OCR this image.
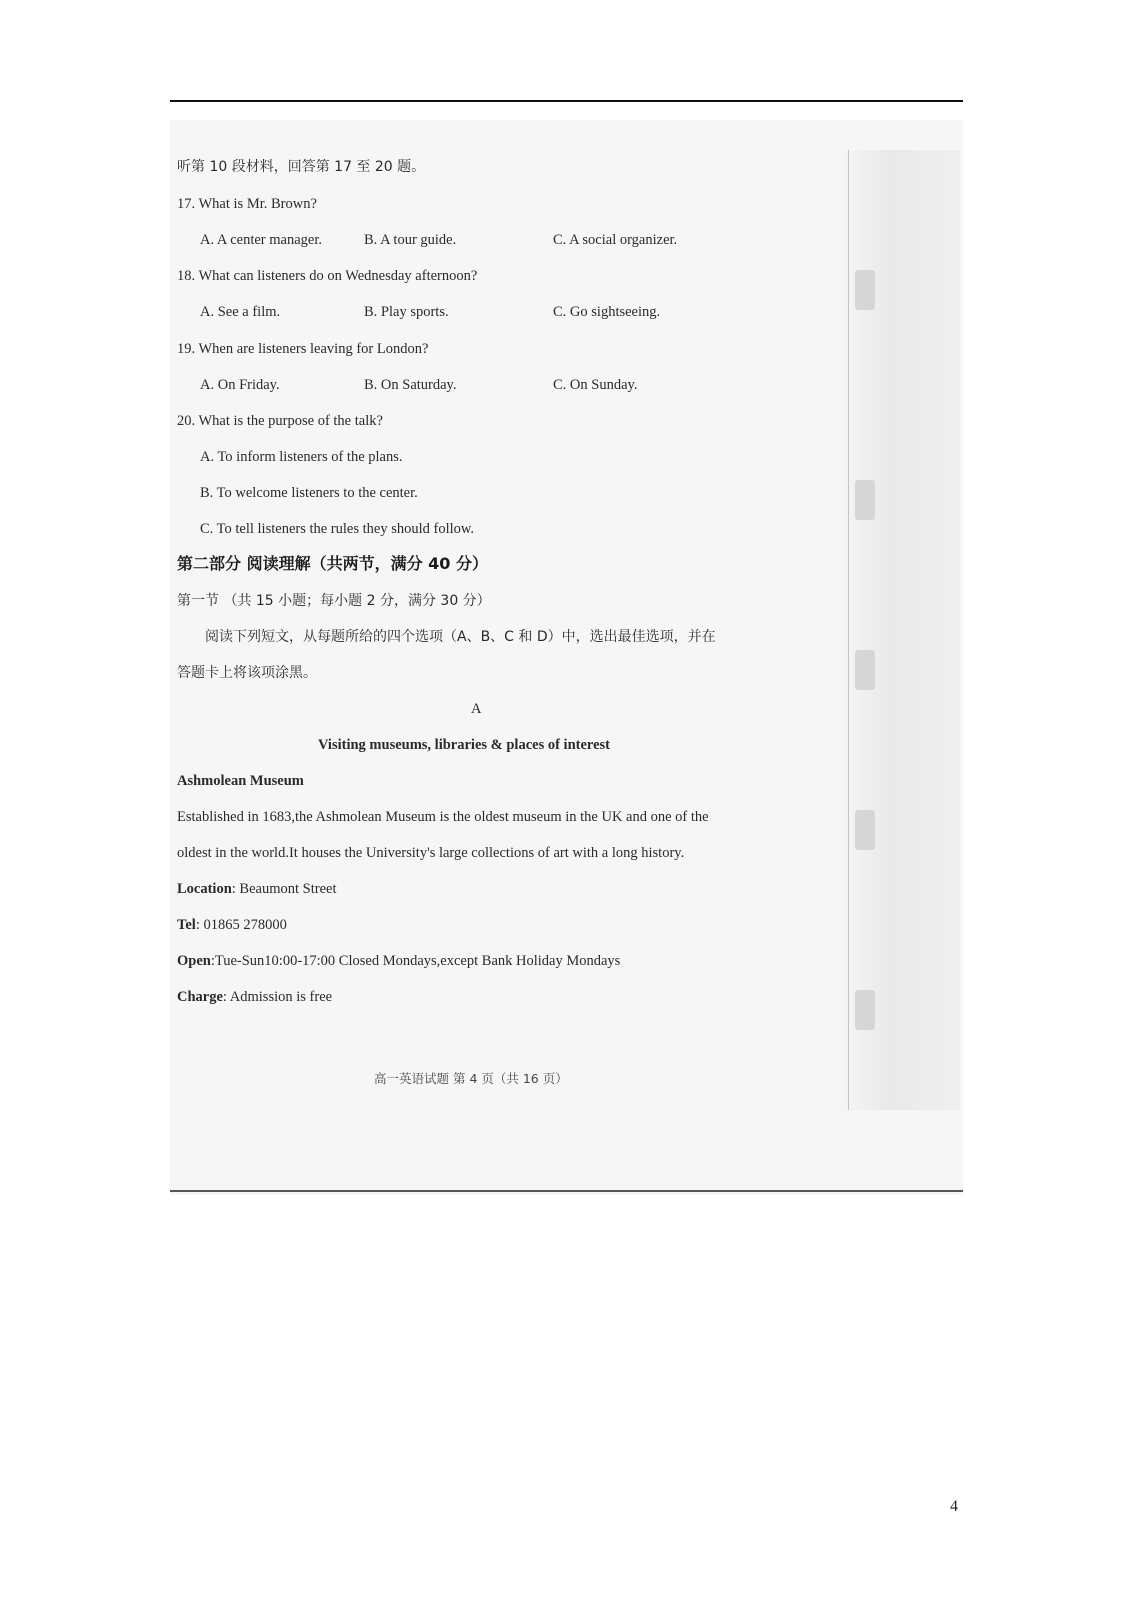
听第 10 段材料，回答第 17 至 20 题。
17. What is Mr. Brown?
A. A center manager.	B. A tour guide.	C. A social organizer.
18. What can listeners do on Wednesday afternoon?
A. See a film.	B. Play sports.	C. Go sightseeing.
19. When are listeners leaving for London?
A. On Friday.	B. On Saturday.	C. On Sunday.
20. What is the purpose of the talk?
A. To inform listeners of the plans.
B. To welcome listeners to the center.
C. To tell listeners the rules they should follow.
第二部分 阅读理解（共两节，满分 40 分）
第一节 （共 15 小题；每小题 2 分，满分 30 分）
阅读下列短文，从每题所给的四个选项（A、B、C 和 D）中，选出最佳选项，并在
答题卡上将该项涂黑。
A
Visiting museums, libraries & places of interest
Ashmolean Museum
Established in 1683,the Ashmolean Museum is the oldest museum in the UK and one of the
oldest in the world.It houses the University's large collections of art with a long history.
Location: Beaumont Street
Tel: 01865 278000
Open:Tue-Sun10:00-17:00 Closed Mondays,except Bank Holiday Mondays
Charge: Admission is free
高一英语试题 第 4 页（共 16 页）
4
